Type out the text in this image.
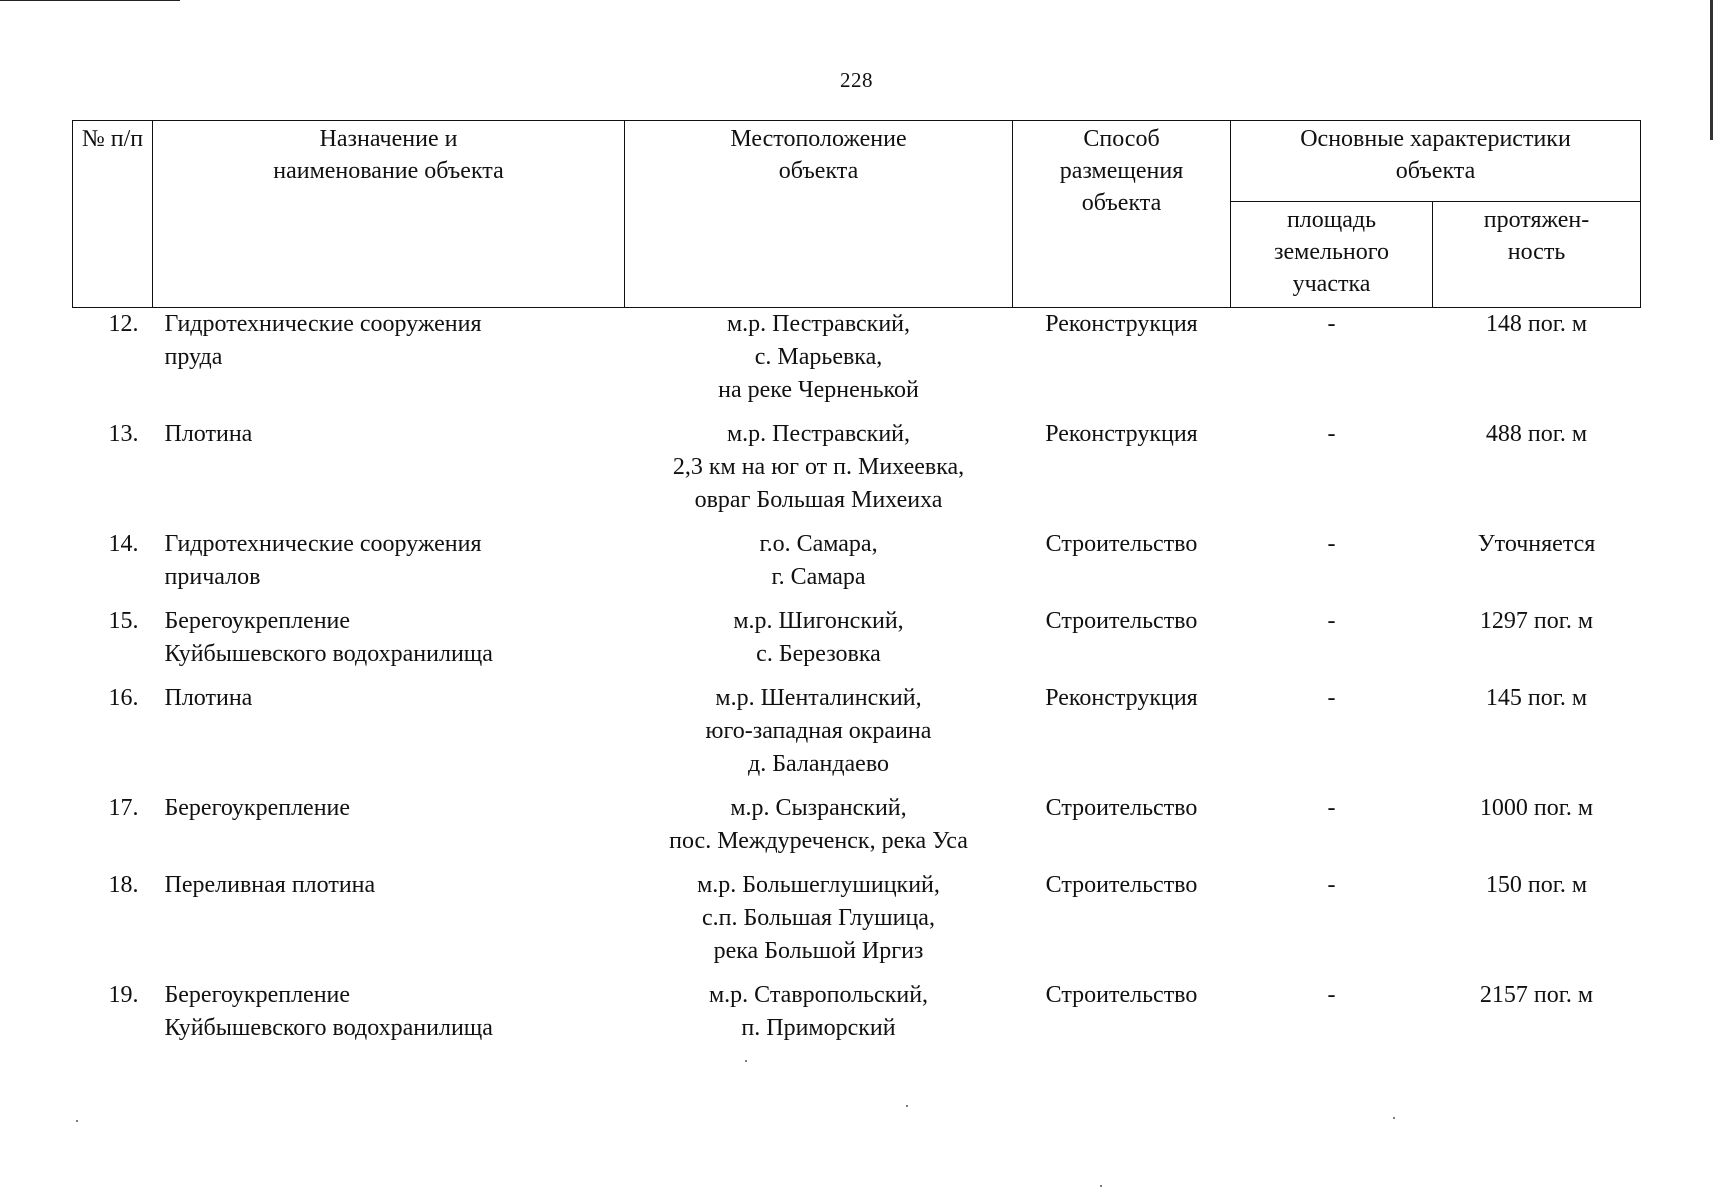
228
№ п/п	Назначение и
наименование объекта	Местоположение
объекта	Способ
размещения
объекта	Основные характеристики
объекта	

				площадь
земельного
участка	протяжен-
ность

12.	Гидротехнические сооружения
пруда	м.р. Пестравский,
с. Марьевка,
на реке Черненькой	Реконструкция	-	148 пог. м
13.	Плотина	м.р. Пестравский,
2,3 км на юг от п. Михеевка,
овраг Большая Михеиха	Реконструкция	-	488 пог. м
14.	Гидротехнические сооружения
причалов	г.о. Самара,
г. Самара	Строительство	-	Уточняется
15.	Берегоукрепление
Куйбышевского водохранилища	м.р. Шигонский,
с. Березовка	Строительство	-	1297 пог. м
16.	Плотина	м.р. Шенталинский,
юго-западная окраина
д. Баландаево	Реконструкция	-	145 пог. м
17.	Берегоукрепление	м.р. Сызранский,
пос. Междуреченск, река Уса	Строительство	-	1000 пог. м
18.	Переливная плотина	м.р. Большеглушицкий,
с.п. Большая Глушица,
река Большой Иргиз	Строительство	-	150 пог. м
19.	Берегоукрепление
Куйбышевского водохранилища	м.р. Ставропольский,
п. Приморский	Строительство	-	2157 пог. м
